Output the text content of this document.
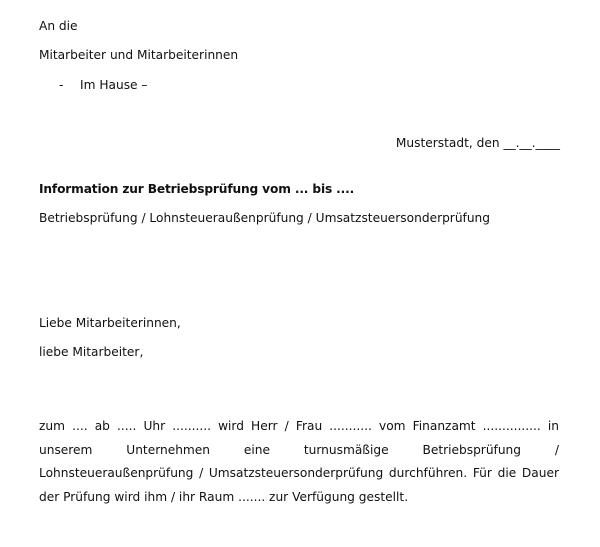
An die
Mitarbeiter und Mitarbeiterinnen
- Im Hause –
Musterstadt, den __.__.____
Information zur Betriebsprüfung vom ... bis ....
Betriebsprüfung / Lohnsteueraußenprüfung / Umsatzsteuersonderprüfung
Liebe Mitarbeiterinnen,
liebe Mitarbeiter,
zum .... ab ..... Uhr .......... wird Herr / Frau ........... vom Finanzamt ............... in unserem Unternehmen eine turnusmäßige Betriebsprüfung / Lohnsteueraußenprüfung / Umsatzsteuersonderprüfung durchführen. Für die Dauer der Prüfung wird ihm / ihr Raum ....... zur Verfügung gestellt.
